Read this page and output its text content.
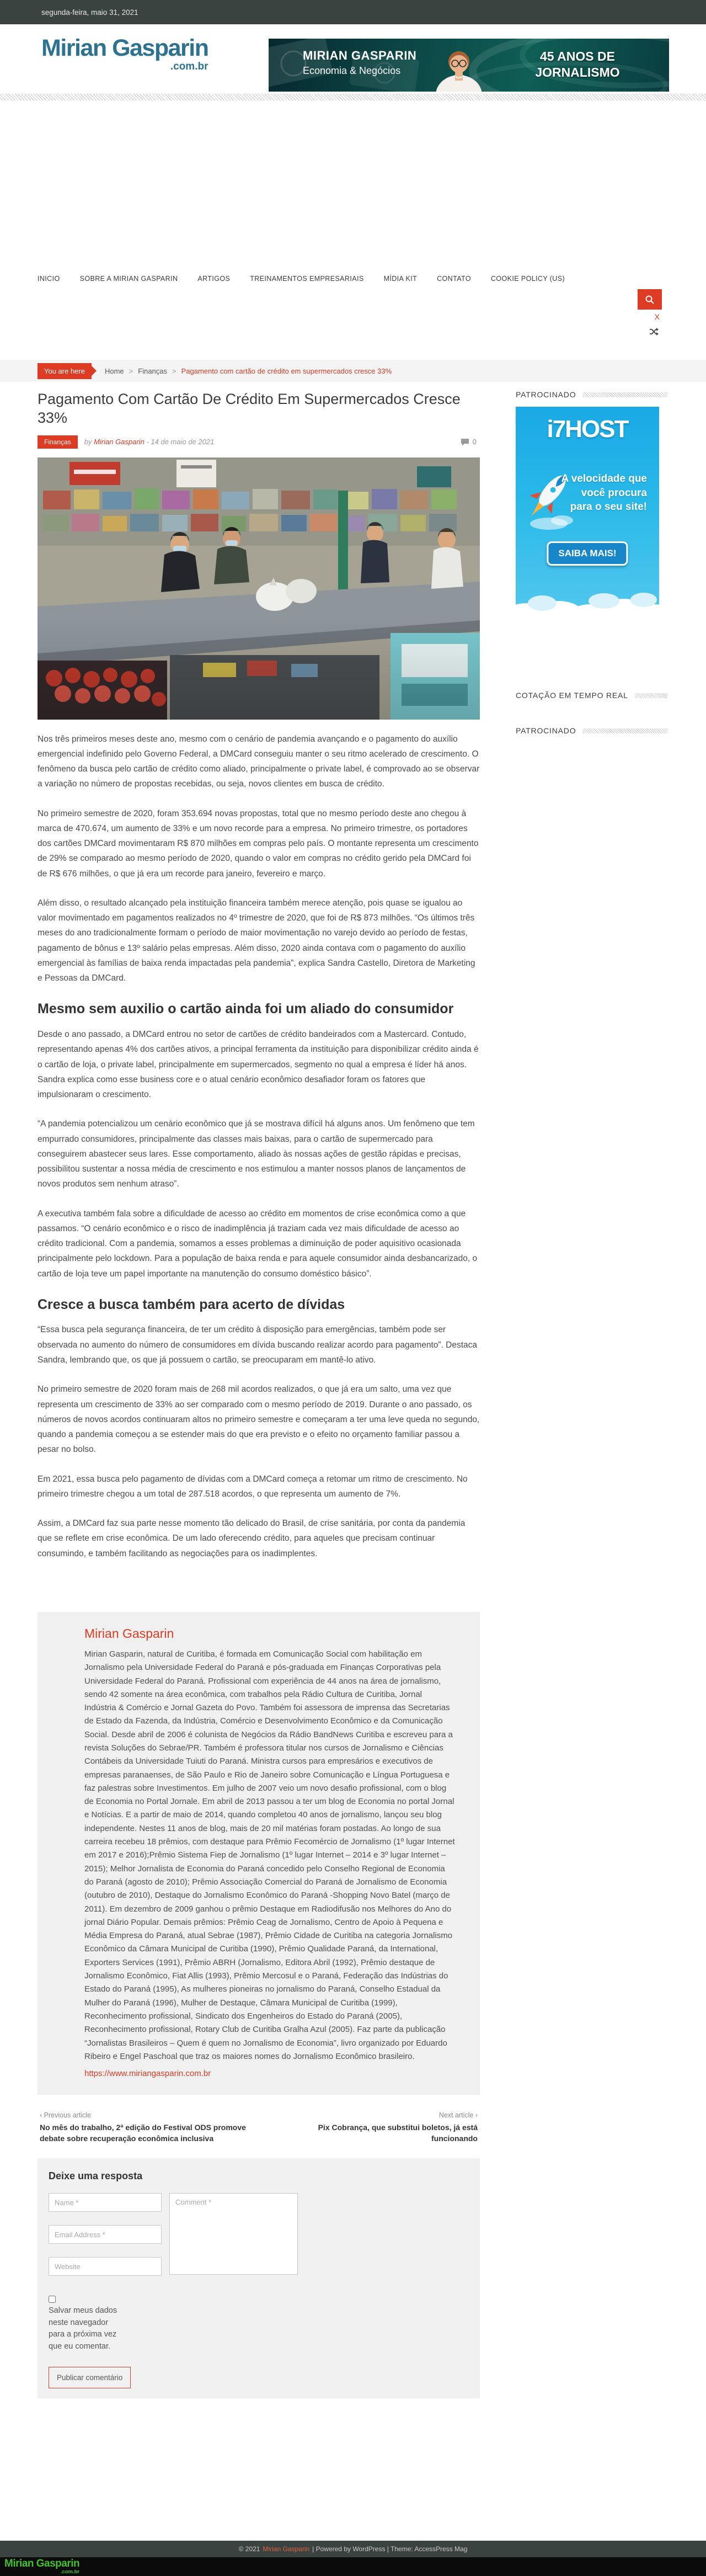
segunda-feira, maio 31, 2021
Mirian Gasparin
.com.br
MIRIAN GASPARIN
Economia & Negócios
45 ANOS DE JORNALISMO
INICIO	SOBRE A MIRIAN GASPARIN	ARTIGOS	TREINAMENTOS EMPRESARIAIS	MÍDIA KIT	CONTATO	COOKIE POLICY (US)
X
You are here	Home > Finanças > Pagamento com cartão de crédito em supermercados cresce 33%
Pagamento Com Cartão De Crédito Em Supermercados Cresce 33%
Finanças	by Mirian Gasparin - 14 de maio de 2021	0

Nos três primeiros meses deste ano, mesmo com o cenário de pandemia avançando e o pagamento do auxílio emergencial indefinido pelo Governo Federal, a DMCard conseguiu manter o seu ritmo acelerado de crescimento. O fenômeno da busca pelo cartão de crédito como aliado, principalmente o private label, é comprovado ao se observar a variação no número de propostas recebidas, ou seja, novos clientes em busca de crédito.

No primeiro semestre de 2020, foram 353.694 novas propostas, total que no mesmo período deste ano chegou à marca de 470.674, um aumento de 33% e um novo recorde para a empresa. No primeiro trimestre, os portadores dos cartões DMCard movimentaram R$ 870 milhões em compras pelo país. O montante representa um crescimento de 29% se comparado ao mesmo período de 2020, quando o valor em compras no crédito gerido pela DMCard foi de R$ 676 milhões, o que já era um recorde para janeiro, fevereiro e março.

Além disso, o resultado alcançado pela instituição financeira também merece atenção, pois quase se igualou ao valor movimentado em pagamentos realizados no 4º trimestre de 2020, que foi de R$ 873 milhões. “Os últimos três meses do ano tradicionalmente formam o período de maior movimentação no varejo devido ao período de festas, pagamento de bônus e 13º salário pelas empresas. Além disso, 2020 ainda contava com o pagamento do auxílio emergencial às famílias de baixa renda impactadas pela pandemia”, explica Sandra Castello, Diretora de Marketing e Pessoas da DMCard.

Mesmo sem auxilio o cartão ainda foi um aliado do consumidor

Desde o ano passado, a DMCard entrou no setor de cartões de crédito bandeirados com a Mastercard. Contudo, representando apenas 4% dos cartões ativos, a principal ferramenta da instituição para disponibilizar crédito ainda é o cartão de loja, o private label, principalmente em supermercados, segmento no qual a empresa é líder há anos. Sandra explica como esse business core e o atual cenário econômico desafiador foram os fatores que impulsionaram o crescimento.

“A pandemia potencializou um cenário econômico que já se mostrava difícil há alguns anos. Um fenômeno que tem empurrado consumidores, principalmente das classes mais baixas, para o cartão de supermercado para conseguirem abastecer seus lares. Esse comportamento, aliado às nossas ações de gestão rápidas e precisas, possibilitou sustentar a nossa média de crescimento e nos estimulou a manter nossos planos de lançamentos de novos produtos sem nenhum atraso”.

A executiva também fala sobre a dificuldade de acesso ao crédito em momentos de crise econômica como a que passamos. “O cenário econômico e o risco de inadimplência já traziam cada vez mais dificuldade de acesso ao crédito tradicional. Com a pandemia, somamos a esses problemas a diminuição de poder aquisitivo ocasionada principalmente pelo lockdown. Para a população de baixa renda e para aquele consumidor ainda desbancarizado, o cartão de loja teve um papel importante na manutenção do consumo doméstico básico”.

Cresce a busca também para acerto de dívidas

“Essa busca pela segurança financeira, de ter um crédito à disposição para emergências, também pode ser observada no aumento do número de consumidores em dívida buscando realizar acordo para pagamento”. Destaca Sandra, lembrando que, os que já possuem o cartão, se preocuparam em mantê-lo ativo.

No primeiro semestre de 2020 foram mais de 268 mil acordos realizados, o que já era um salto, uma vez que representa um crescimento de 33% ao ser comparado com o mesmo período de 2019. Durante o ano passado, os números de novos acordos continuaram altos no primeiro semestre e começaram a ter uma leve queda no segundo, quando a pandemia começou a se estender mais do que era previsto e o efeito no orçamento familiar passou a pesar no bolso.

Em 2021, essa busca pelo pagamento de dívidas com a DMCard começa a retomar um ritmo de crescimento. No primeiro trimestre chegou a um total de 287.518 acordos, o que representa um aumento de 7%.

Assim, a DMCard faz sua parte nesse momento tão delicado do Brasil, de crise sanitária, por conta da pandemia que se reflete em crise econômica. De um lado oferecendo crédito, para aqueles que precisam continuar consumindo, e também facilitando as negociações para os inadimplentes.

Mirian Gasparin
Mirian Gasparin, natural de Curitiba, é formada em Comunicação Social com habilitação em Jornalismo pela Universidade Federal do Paraná e pós-graduada em Finanças Corporativas pela Universidade Federal do Paraná. Profissional com experiência de 44 anos na área de jornalismo, sendo 42 somente na área econômica, com trabalhos pela Rádio Cultura de Curitiba, Jornal Indústria & Comércio e Jornal Gazeta do Povo. Também foi assessora de imprensa das Secretarias de Estado da Fazenda, da Indústria, Comércio e Desenvolvimento Econômico e da Comunicação Social. Desde abril de 2006 é colunista de Negócios da Rádio BandNews Curitiba e escreveu para a revista Soluções do Sebrae/PR. Também é professora titular nos cursos de Jornalismo e Ciências Contábeis da Universidade Tuiuti do Paraná. Ministra cursos para empresários e executivos de empresas paranaenses, de São Paulo e Rio de Janeiro sobre Comunicação e Língua Portuguesa e faz palestras sobre Investimentos. Em julho de 2007 veio um novo desafio profissional, com o blog de Economia no Portal Jornale. Em abril de 2013 passou a ter um blog de Economia no portal Jornal e Notícias. E a partir de maio de 2014, quando completou 40 anos de jornalismo, lançou seu blog independente. Nestes 11 anos de blog, mais de 20 mil matérias foram postadas. Ao longo de sua carreira recebeu 18 prêmios, com destaque para Prêmio Fecomércio de Jornalismo (1º lugar Internet em 2017 e 2016);Prêmio Sistema Fiep de Jornalismo (1º lugar Internet – 2014 e 3º lugar Internet – 2015); Melhor Jornalista de Economia do Paraná concedido pelo Conselho Regional de Economia do Paraná (agosto de 2010); Prêmio Associação Comercial do Paraná de Jornalismo de Economia (outubro de 2010), Destaque do Jornalismo Econômico do Paraná -Shopping Novo Batel (março de 2011). Em dezembro de 2009 ganhou o prêmio Destaque em Radiodifusão nos Melhores do Ano do jornal Diário Popular. Demais prêmios: Prêmio Ceag de Jornalismo, Centro de Apoio à Pequena e Média Empresa do Paraná, atual Sebrae (1987), Prêmio Cidade de Curitiba na categoria Jornalismo Econômico da Câmara Municipal de Curitiba (1990), Prêmio Qualidade Paraná, da International, Exporters Services (1991), Prêmio ABRH (Jornalismo, Editora Abril (1992), Prêmio destaque de Jornalismo Econômico, Fiat Allis (1993), Prêmio Mercosul e o Paraná, Federação das Indústrias do Estado do Paraná (1995), As mulheres pioneiras no jornalismo do Paraná, Conselho Estadual da Mulher do Paraná (1996), Mulher de Destaque, Câmara Municipal de Curitiba (1999), Reconhecimento profissional, Sindicato dos Engenheiros do Estado do Paraná (2005), Reconhecimento profissional, Rotary Club de Curitiba Gralha Azul (2005). Faz parte da publicação “Jornalistas Brasileiros – Quem é quem no Jornalismo de Economia”, livro organizado por Eduardo Ribeiro e Engel Paschoal que traz os maiores nomes do Jornalismo Econômico brasileiro.
https://www.miriangasparin.com.br
‹ Previous article
No mês do trabalho, 2ª edição do Festival ODS promove debate sobre recuperação econômica inclusiva
Next article ›
Pix Cobrança, que substitui boletos, já está funcionando
Deixe uma resposta
Name *
Email Address *
Website
Comment *
Salvar meus dados neste navegador para a próxima vez que eu comentar.
Publicar comentário
PATROCINADO
i7HOST
A velocidade que você procura para o seu site!
SAIBA MAIS!
COTAÇÃO EM TEMPO REAL
PATROCINADO
© 2021 Mirian Gasparin | Powered by WordPress | Theme: AccessPress Mag
Mirian Gasparin
.com.br
